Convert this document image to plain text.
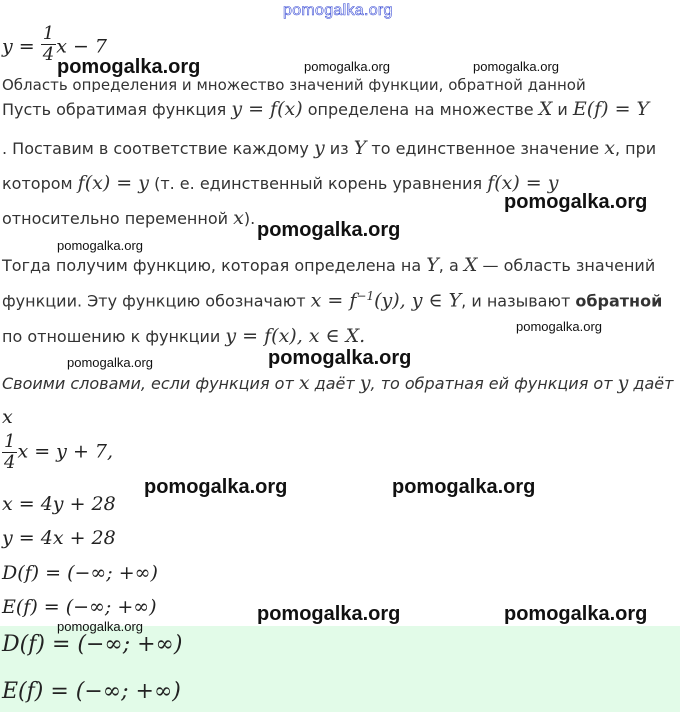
pomogalka.org
$y = \frac{1}{4}$ x − 7
pomogalka.org	pomogalka.org	pomogalka.org
Область определения и множество значений функции, обратной данной
Пусть обратимая функция y = f(x) определена на множестве X и E(f) = Y
. Поставим в соответствие каждому y из Y то единственное значение x, при
котором f(x) = y (т. е. единственный корень уравнения f(x) = y
относительно переменной x).
pomogalka.org
pomogalka.org
pomogalka.org
Тогда получим функцию, которая определена на Y, а X — область значений
функции. Эту функцию обозначают $x = f^{-1}(y)$, y ∈ Y, и называют обратной
по отношению к функции y = f(x), x ∈ X.	pomogalka.org
pomogalka.org	pomogalka.org
Своими словами, если функция от x даёт y, то обратная ей функция от y даёт
x
$\frac{1}{4}$ x = y + 7,
pomogalka.org	pomogalka.org
x = 4y + 28
y = 4x + 28
D(f) = (−∞; +∞)
E(f) = (−∞; +∞)	pomogalka.org	pomogalka.org
pomogalka.org
D(f) = (−∞; +∞)
E(f) = (−∞; +∞)
